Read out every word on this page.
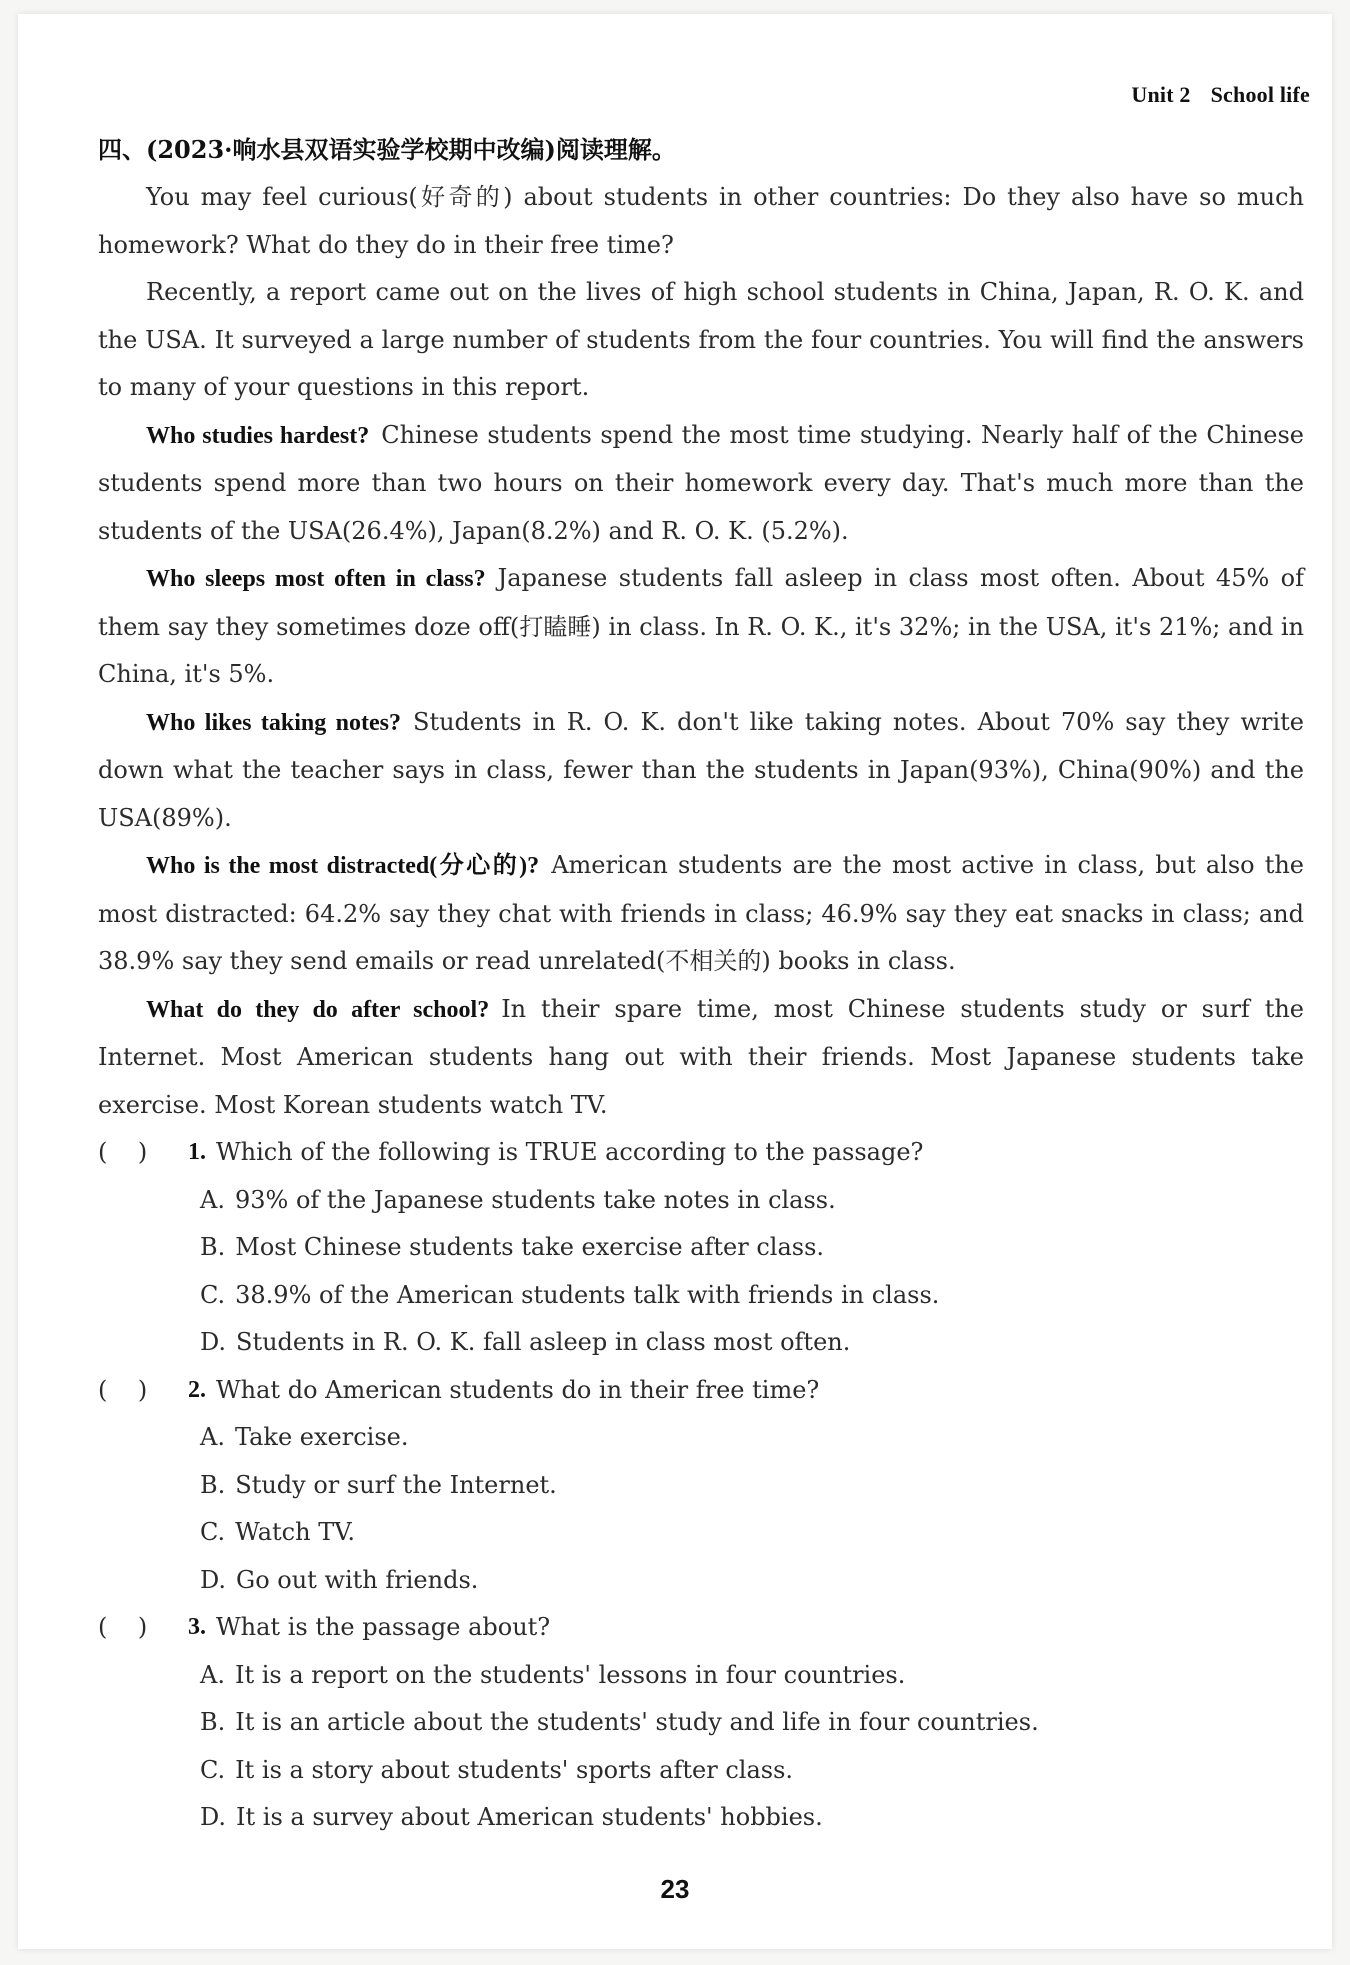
Unit 2 School life
四、(2023·响水县双语实验学校期中改编)阅读理解。

You may feel curious(好奇的) about students in other countries: Do they also have so much homework? What do they do in their free time?

Recently, a report came out on the lives of high school students in China, Japan, R. O. K. and the USA. It surveyed a large number of students from the four countries. You will find the answers to many of your questions in this report.

Who studies hardest? Chinese students spend the most time studying. Nearly half of the Chinese students spend more than two hours on their homework every day. That's much more than the students of the USA(26.4%), Japan(8.2%) and R. O. K. (5.2%).

Who sleeps most often in class? Japanese students fall asleep in class most often. About 45% of them say they sometimes doze off(打瞌睡) in class. In R. O. K., it's 32%; in the USA, it's 21%; and in China, it's 5%.

Who likes taking notes? Students in R. O. K. don't like taking notes. About 70% say they write down what the teacher says in class, fewer than the students in Japan(93%), China(90%) and the USA(89%).

Who is the most distracted(分心的)? American students are the most active in class, but also the most distracted: 64.2% say they chat with friends in class; 46.9% say they eat snacks in class; and 38.9% say they send emails or read unrelated(不相关的) books in class.

What do they do after school? In their spare time, most Chinese students study or surf the Internet. Most American students hang out with their friends. Most Japanese students take exercise. Most Korean students watch TV.

(    )	1. Which of the following is TRUE according to the passage?
A. 93% of the Japanese students take notes in class.
B. Most Chinese students take exercise after class.
C. 38.9% of the American students talk with friends in class.
D. Students in R. O. K. fall asleep in class most often.
(    )	2. What do American students do in their free time?
A. Take exercise.
B. Study or surf the Internet.
C. Watch TV.
D. Go out with friends.
(    )	3. What is the passage about?
A. It is a report on the students' lessons in four countries.
B. It is an article about the students' study and life in four countries.
C. It is a story about students' sports after class.
D. It is a survey about American students' hobbies.
23
